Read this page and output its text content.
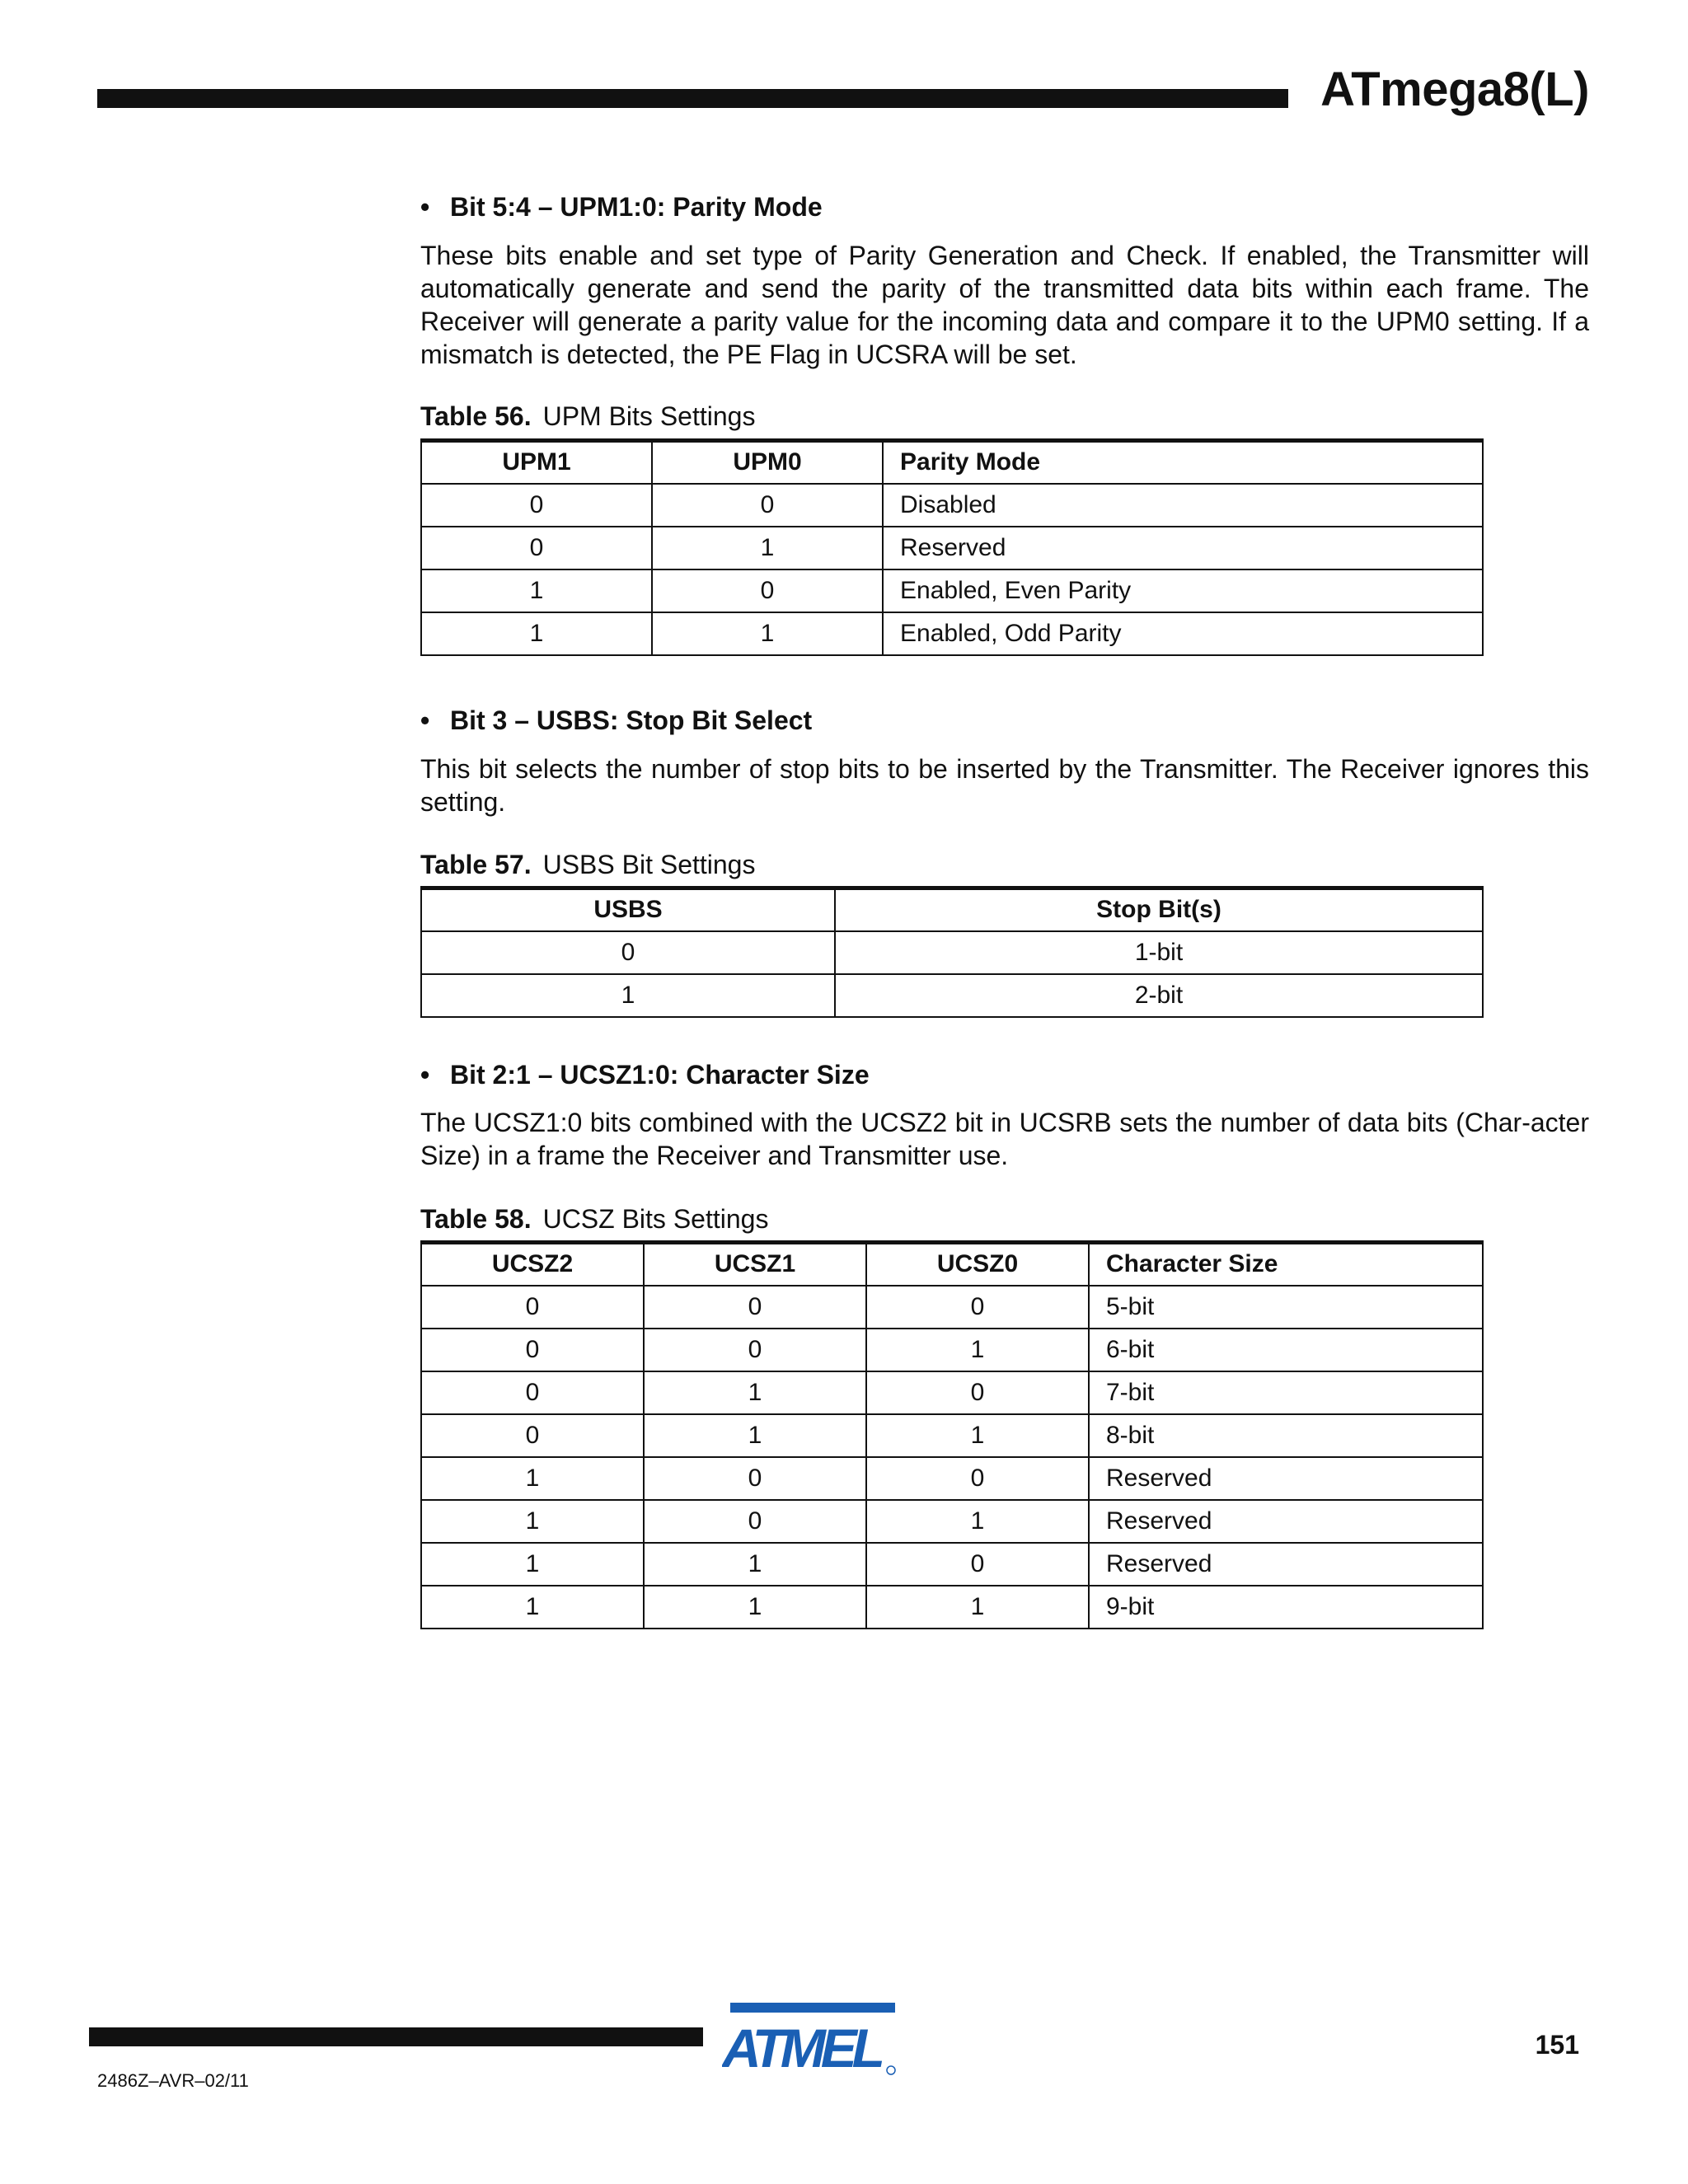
ATmega8(L)
• Bit 5:4 – UPM1:0: Parity Mode
These bits enable and set type of Parity Generation and Check. If enabled, the Transmitter will automatically generate and send the parity of the transmitted data bits within each frame. The Receiver will generate a parity value for the incoming data and compare it to the UPM0 setting. If a mismatch is detected, the PE Flag in UCSRA will be set.
Table 56. UPM Bits Settings
UPM1	UPM0	Parity Mode
0	0	Disabled
0	1	Reserved
1	0	Enabled, Even Parity
1	1	Enabled, Odd Parity
• Bit 3 – USBS: Stop Bit Select
This bit selects the number of stop bits to be inserted by the Transmitter. The Receiver ignores this setting.
Table 57. USBS Bit Settings
USBS	Stop Bit(s)
0	1-bit
1	2-bit
• Bit 2:1 – UCSZ1:0: Character Size
The UCSZ1:0 bits combined with the UCSZ2 bit in UCSRB sets the number of data bits (Char-acter Size) in a frame the Receiver and Transmitter use.
Table 58. UCSZ Bits Settings
UCSZ2	UCSZ1	UCSZ0	Character Size
0	0	0	5-bit
0	0	1	6-bit
0	1	0	7-bit
0	1	1	8-bit
1	0	0	Reserved
1	0	1	Reserved
1	1	0	Reserved
1	1	1	9-bit
ATMEL	151
2486Z–AVR–02/11
